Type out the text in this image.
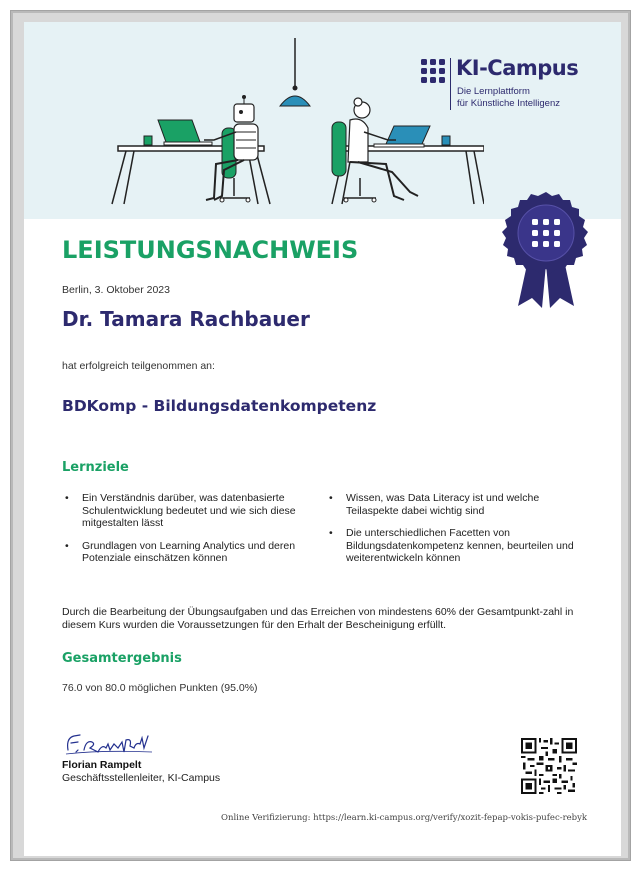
KI-Campus
Die Lernplattform
für Künstliche Intelligenz
LEISTUNGSNACHWEIS
Berlin, 3. Oktober 2023
Dr. Tamara Rachbauer
hat erfolgreich teilgenommen an:
BDKomp - Bildungsdatenkompetenz
Lernziele
• Ein Verständnis darüber, was datenbasierte Schulentwicklung bedeutet und wie sich diese mitgestalten lässt
• Grundlagen von Learning Analytics und deren Potenziale einschätzen können
• Wissen, was Data Literacy ist und welche Teilaspekte dabei wichtig sind
• Die unterschiedlichen Facetten von Bildungsdatenkompetenz kennen, beurteilen und weiterentwickeln können
Durch die Bearbeitung der Übungsaufgaben und das Erreichen von mindestens 60% der Gesamtpunkt-zahl in diesem Kurs wurden die Voraussetzungen für den Erhalt der Bescheinigung erfüllt.
Gesamtergebnis
76.0 von 80.0 möglichen Punkten (95.0%)
Florian Rampelt
Geschäftsstellenleiter, KI-Campus
Online Verifizierung: https://learn.ki-campus.org/verify/xozit-fepap-vokis-pufec-rebyk
